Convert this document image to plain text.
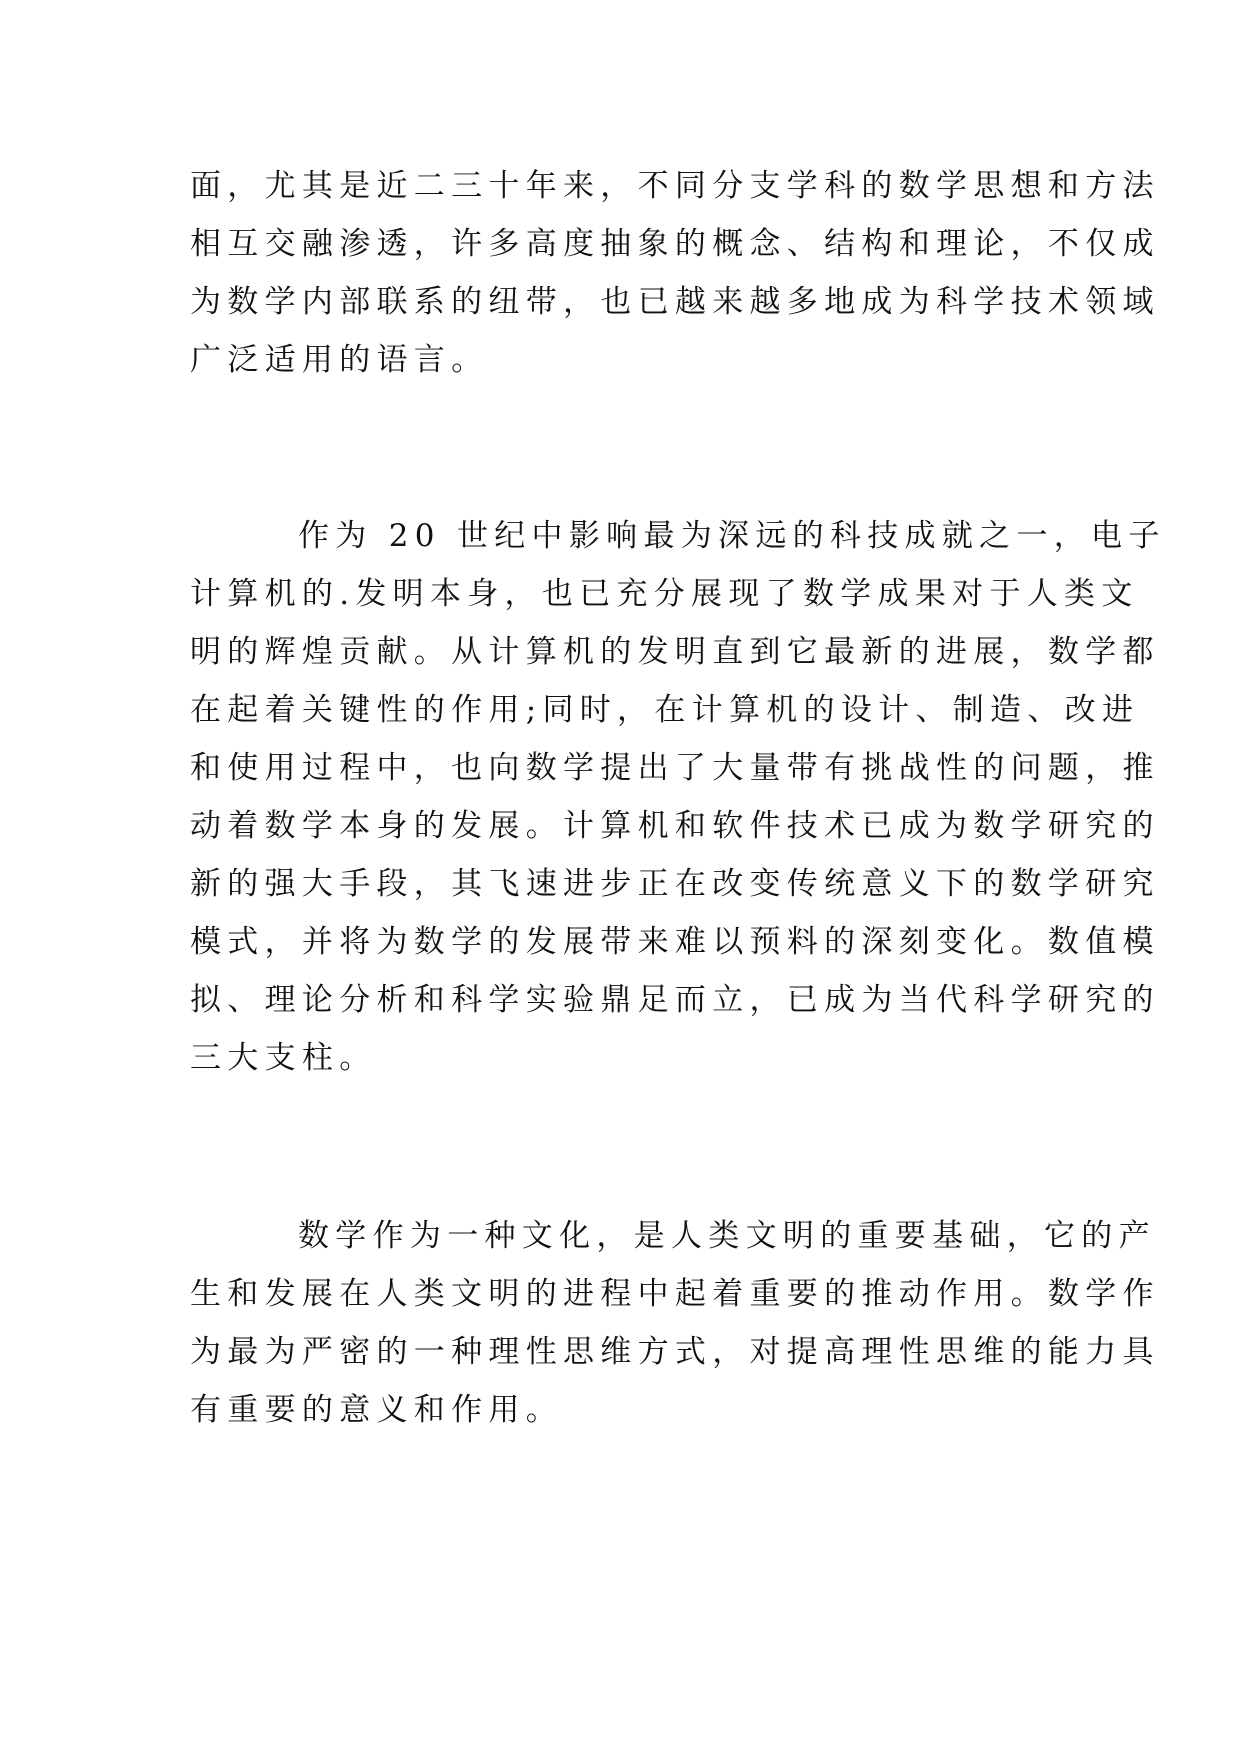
面，尤其是近二三十年来，不同分支学科的数学思想和方法
相互交融渗透，许多高度抽象的概念、结构和理论，不仅成
为数学内部联系的纽带，也已越来越多地成为科学技术领域
广泛适用的语言。
作为 20 世纪中影响最为深远的科技成就之一，电子
计算机的.发明本身，也已充分展现了数学成果对于人类文
明的辉煌贡献。从计算机的发明直到它最新的进展，数学都
在起着关键性的作用;同时，在计算机的设计、制造、改进
和使用过程中，也向数学提出了大量带有挑战性的问题，推
动着数学本身的发展。计算机和软件技术已成为数学研究的
新的强大手段，其飞速进步正在改变传统意义下的数学研究
模式，并将为数学的发展带来难以预料的深刻变化。数值模
拟、理论分析和科学实验鼎足而立，已成为当代科学研究的
三大支柱。
数学作为一种文化，是人类文明的重要基础，它的产
生和发展在人类文明的进程中起着重要的推动作用。数学作
为最为严密的一种理性思维方式，对提高理性思维的能力具
有重要的意义和作用。
